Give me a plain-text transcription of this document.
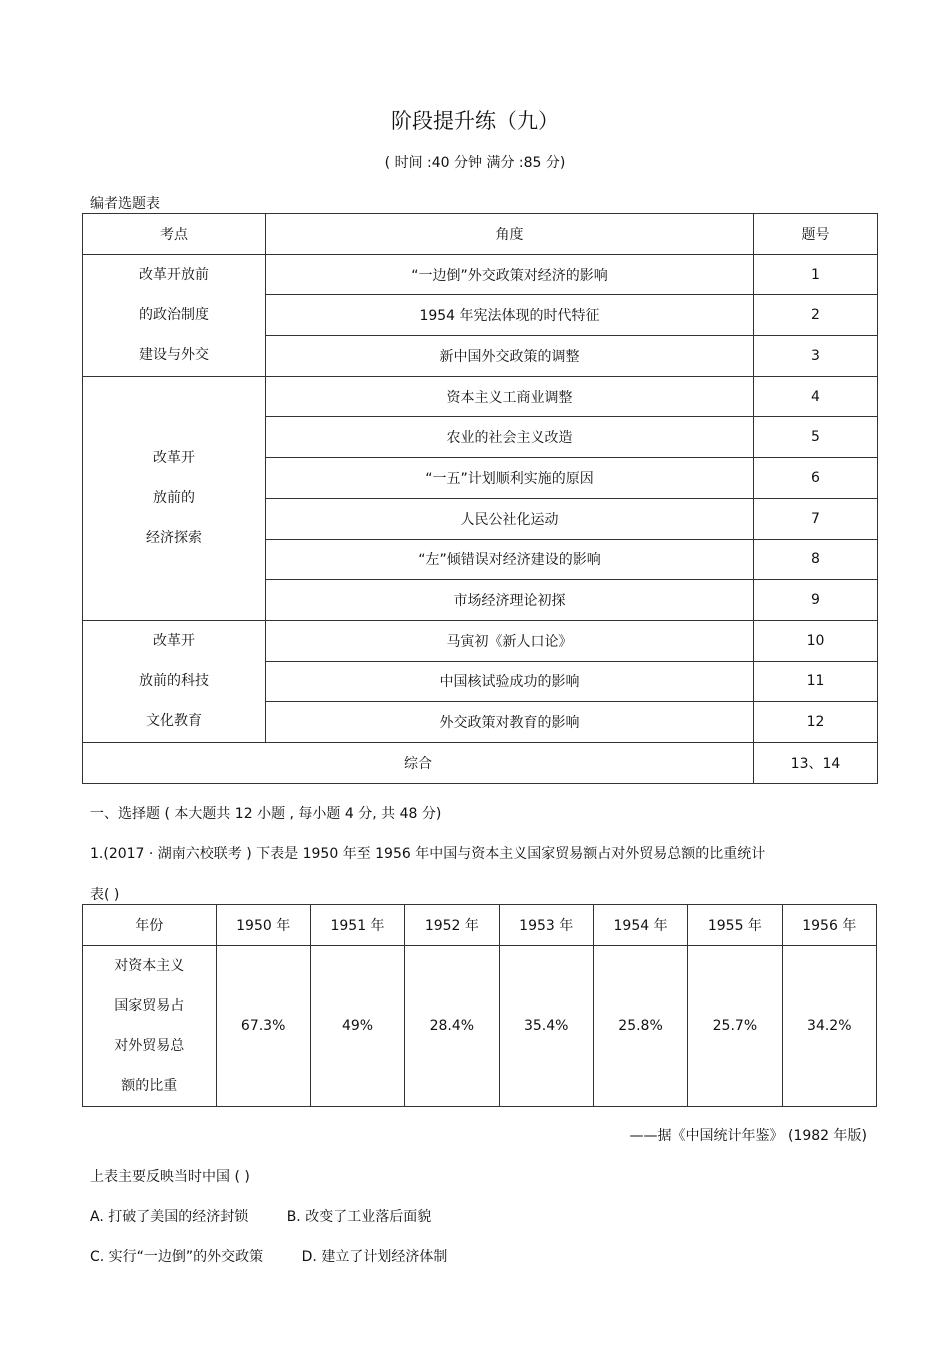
阶段提升练（九）
( 时间 :40 分钟 满分 :85 分)
编者选题表
考点	角度	题号

改革开放前
的政治制度
建设与外交	“一边倒”外交政策对经济的影响	1
	1954 年宪法体现的时代特征	2
	新中国外交政策的调整	3

改革开
放前的
经济探索	资本主义工商业调整	4
	农业的社会主义改造	5
	“一五”计划顺利实施的原因	6
	人民公社化运动	7
	“左”倾错误对经济建设的影响	8
	市场经济理论初探	9

改革开
放前的科技
文化教育	马寅初《新人口论》	10
	中国核试验成功的影响	11
	外交政策对教育的影响	12
综合		13、14
一、选择题 ( 本大题共 12 小题 , 每小题 4 分, 共 48 分)
1.(2017 · 湖南六校联考 ) 下表是 1950 年至 1956 年中国与资本主义国家贸易额占对外贸易总额的比重统计
表( )
年份	1950 年	1951 年	1952 年	1953 年	1954 年	1955 年	1956 年

对资本主义
国家贸易占
对外贸易总
额的比重	67.3%	49%	28.4%	35.4%	25.8%	25.7%	34.2%
——据《中国统计年鉴》 (1982 年版)
上表主要反映当时中国 ( )
A. 打破了美国的经济封锁	B. 改变了工业落后面貌
C. 实行“一边倒”的外交政策	D. 建立了计划经济体制
